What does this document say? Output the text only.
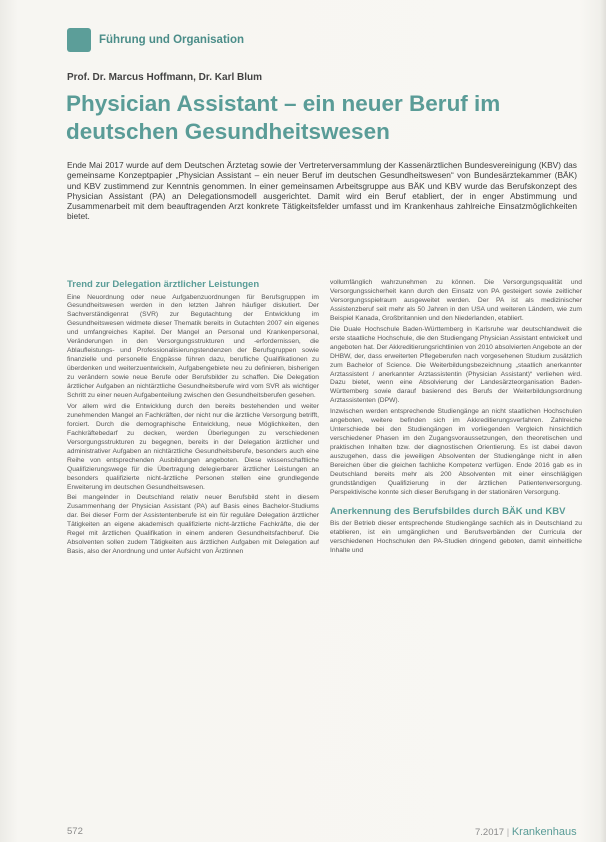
Führung und Organisation
Prof. Dr. Marcus Hoffmann, Dr. Karl Blum
Physician Assistant – ein neuer Beruf im deutschen Gesundheitswesen

Ende Mai 2017 wurde auf dem Deutschen Ärztetag sowie der Vertreterversammlung der Kassenärztlichen Bundesvereinigung (KBV) das gemeinsame Konzeptpapier „Physician Assistant – ein neuer Beruf im deutschen Gesundheitswesen“ von Bundesärztekammer (BÄK) und KBV zustimmend zur Kenntnis genommen. In einer gemeinsamen Arbeitsgruppe aus BÄK und KBV wurde das Berufskonzept des Physician Assistant (PA) an Delegationsmodell ausgerichtet. Damit wird ein Beruf etabliert, der in enger Abstimmung und Zusammenarbeit mit dem beauftragenden Arzt konkrete Tätigkeitsfelder umfasst und im Krankenhaus zahlreiche Einsatzmöglichkeiten bietet.

Trend zur Delegation ärztlicher Leistungen

Eine Neuordnung oder neue Aufgabenzuordnungen für Berufsgruppen im Gesundheitswesen werden in den letzten Jahren häufiger diskutiert. Der Sachverständigenrat (SVR) zur Begutachtung der Entwicklung im Gesundheitswesen widmete dieser Thematik bereits in Gutachten 2007 ein eigenes und umfangreiches Kapitel. Der Mangel an Personal und Krankenpersonal, Veränderungen in den Versorgungsstrukturen und -erfordernissen, die Ablaufleistungs- und Professionalisierungstendenzen der Berufsgruppen sowie finanzielle und personelle Engpässe führen dazu, berufliche Qualifikationen zu überdenken und weiterzuentwickeln, Aufgabengebiete neu zu definieren, bisherigen zu verändern sowie neue Berufe oder Berufsbilder zu schaffen. Die Delegation ärztlicher Aufgaben an nichtärztliche Gesundheitsberufe wird vom SVR als wichtiger Schritt zu einer neuen Aufgabenteilung zwischen den Gesundheitsberufen gesehen.

Vor allem wird die Entwicklung durch den bereits bestehenden und weiter zunehmenden Mangel an Fachkräften, der nicht nur die ärztliche Versorgung betrifft, forciert. Durch die demographische Entwicklung, neue Möglichkeiten, den Fachkräftebedarf zu decken, werden Überlegungen zu verschiedenen Versorgungsstrukturen zu begegnen, bereits in der Delegation ärztlicher und administrativer Aufgaben an nichtärztliche Gesundheitsberufe, besonders auch eine Reihe von entsprechenden Ausbildungen angeboten. Diese wissenschaftliche Qualifizierungswege für die Übertragung delegierbarer ärztlicher Leistungen an besonders qualifizierte nicht-ärztliche Personen stellen eine grundlegende Erweiterung im deutschen Gesundheitswesen.

Bei mangelnder in Deutschland relativ neuer Berufsbild steht in diesem Zusammenhang der Physician Assistant (PA) auf Basis eines Bachelor-Studiums dar. Bei dieser Form der Assistentenberufe ist ein für reguläre Delegation ärztlicher Tätigkeiten an eigene akademisch qualifizierte nicht-ärztliche Fachkräfte, die der Regel mit ärztlichen Qualifikation in einem anderen Gesundheitsfachberuf. Die Absolventen sollen zudem Tätigkeiten aus ärztlichen Aufgaben mit Delegation auf Basis, also der Anordnung und unter Aufsicht von Ärztinnen

vollumfänglich wahrzunehmen zu können. Die Versorgungsqualität und Versorgungssicherheit kann durch den Einsatz von PA gesteigert sowie zeitlicher Versorgungsspielraum ausgeweitet werden. Der PA ist als medizinischer Assistenzberuf seit mehr als 50 Jahren in den USA und weiteren Ländern, wie zum Beispiel Kanada, Großbritannien und den Niederlanden, etabliert.

Die Duale Hochschule Baden-Württemberg in Karlsruhe war deutschlandweit die erste staatliche Hochschule, die den Studiengang Physician Assistant entwickelt und angeboten hat. Der Akkreditierungsrichtlinien von 2010 absolvierten Angebote an der DHBW, der, dass erweiterten Pflegeberufen nach vorgesehenen Studium zusätzlich zum Bachelor of Science. Die Weiterbildungsbezeichnung „staatlich anerkannter Arztassistent / anerkannter Arztassistentin (Physician Assistant)“ verliehen wird. Dazu bietet, wenn eine Absolvierung der Landesärzteorganisation Baden-Württemberg sowie darauf basierend des Berufs der Weiterbildungsordnung Arztassistenten (DPW).

Inzwischen werden entsprechende Studiengänge an nicht staatlichen Hochschulen angeboten, weitere befinden sich im Akkreditierungsverfahren. Zahlreiche Unterschiede bei den Studiengängen im vorliegenden Vergleich hinsichtlich verschiedener Phasen im den Zugangsvoraussetzungen, den theoretischen und praktischen Inhalten bzw. der diagnostischen Orientierung. Es ist dabei davon auszugehen, dass die jeweiligen Absolventen der Studiengänge nicht in allen Bereichen über die gleichen fachliche Kompetenz verfügen. Ende 2016 gab es in Deutschland bereits mehr als 200 Absolventen mit einer einschlägigen grundständigen Qualifizierung in der ärztlichen Patientenversorgung. Perspektivische konnte sich dieser Berufsgang in der stationären Versorgung.

Anerkennung des Berufsbildes durch BÄK und KBV

Bis der Betrieb dieser entsprechende Studiengänge sachlich als in Deutschland zu etablieren, ist ein umgänglichen und Berufsverbänden der Curricula der verschiedenen Hochschulen den PA-Studien dringend geboten, damit einheitliche Inhalte und

572	7.2017 | Krankenhaus
